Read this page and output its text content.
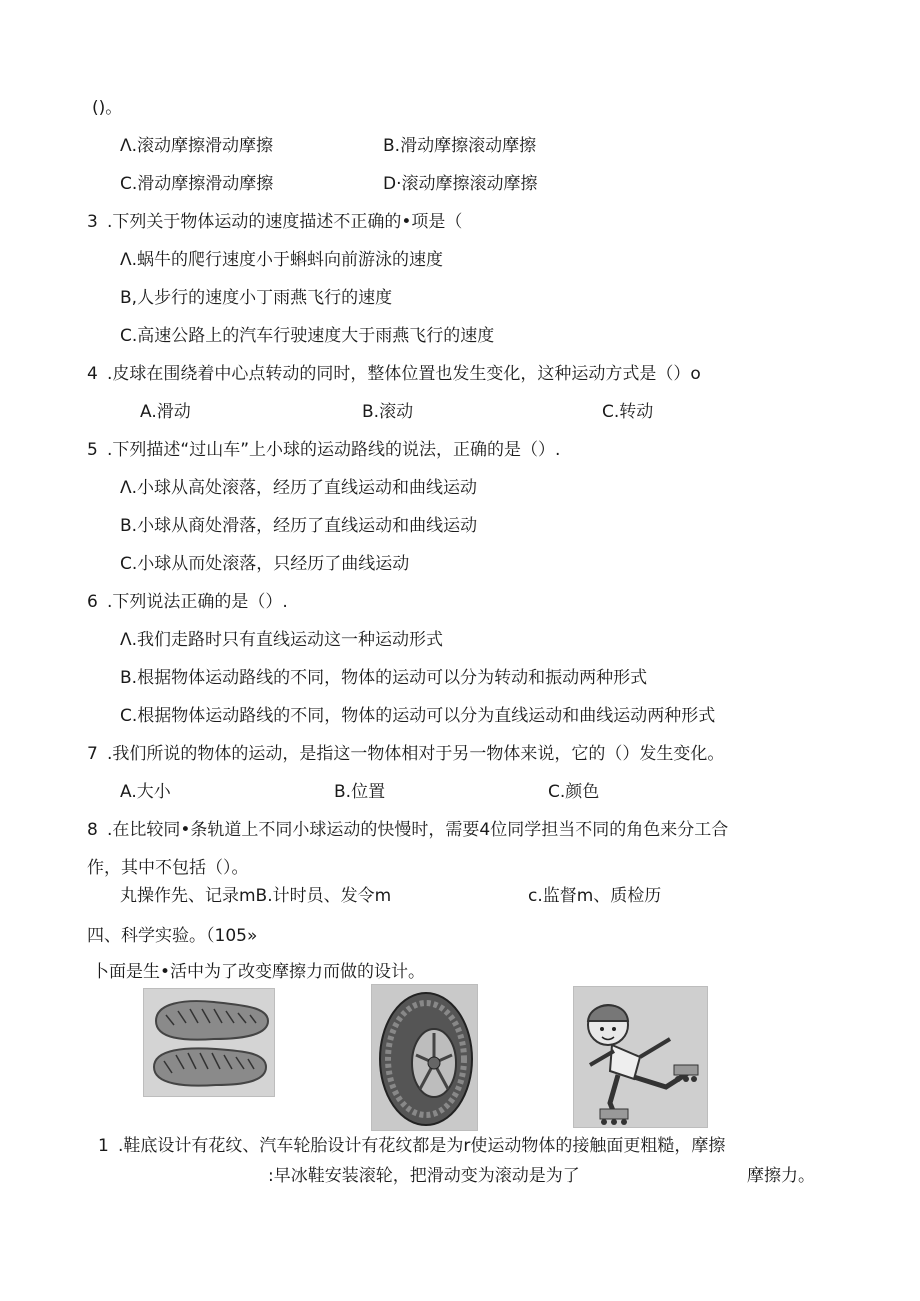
()。
Λ.滚动摩擦滑动摩擦	B.滑动摩擦滚动摩擦
C.滑动摩擦滑动摩擦	D·滚动摩擦滚动摩擦
3 .下列关于物体运动的速度描述不正确的•项是（
Λ.蜗牛的爬行速度小于蝌蚪向前游泳的速度
B,人步行的速度小丁雨燕飞行的速度
C.高速公路上的汽车行驶速度大于雨燕飞行的速度
4 .皮球在围绕着中心点转动的同时，整体位置也发生变化，这种运动方式是（）o
A.滑动	B.滚动	C.转动
5 .下列描述“过山车”上小球的运动路线的说法，正确的是（）.
Λ.小球从高处滚落，经历了直线运动和曲线运动
B.小球从商处滑落，经历了直线运动和曲线运动
C.小球从而处滚落，只经历了曲线运动
6 .下列说法正确的是（）.
Λ.我们走路时只有直线运动这一种运动形式
B.根据物体运动路线的不同，物体的运动可以分为转动和振动两种形式
C.根据物体运动路线的不同，物体的运动可以分为直线运动和曲线运动两种形式
7 .我们所说的物体的运动，是指这一物体相对于另一物体来说，它的（）发生变化。
A.大小	B.位置	C.颜色
8 .在比较同•条轨道上不同小球运动的快慢时，需要4位同学担当不同的角色来分工合
作，其中不包括（）。
丸操作先、记录mB.计时员、发令m	c.监督m、质检历
四、科学实验。（105»
卜面是生•活中为了改变摩擦力而做的设计。
1 .鞋底设计有花纹、汽车轮胎设计有花纹都是为r使运动物体的接触面更粗糙，摩擦
:早冰鞋安装滚轮，把滑动变为滚动是为了	摩擦力。
